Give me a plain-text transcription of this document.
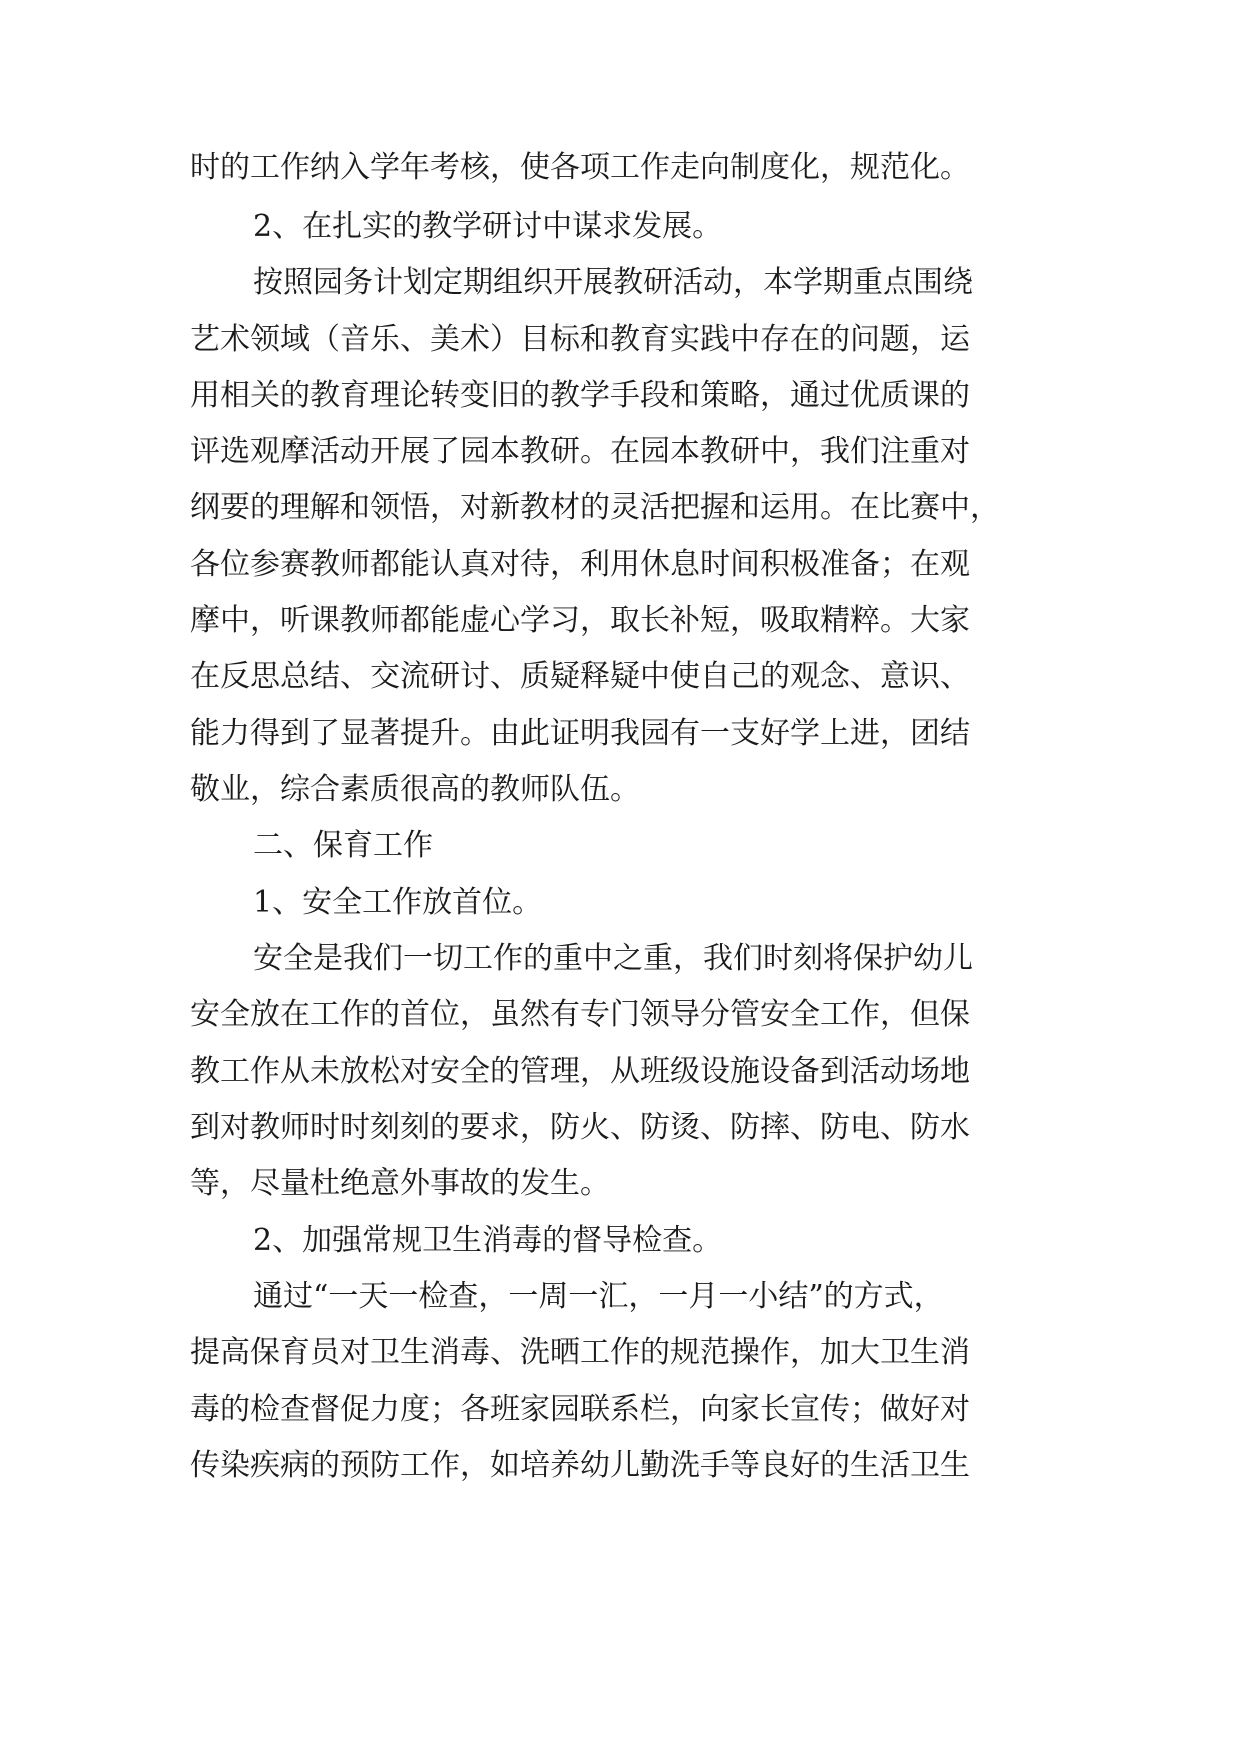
时的工作纳入学年考核，使各项工作走向制度化，规范化。

2、在扎实的教学研讨中谋求发展。

按照园务计划定期组织开展教研活动，本学期重点围绕

艺术领域（音乐、美术）目标和教育实践中存在的问题，运

用相关的教育理论转变旧的教学手段和策略，通过优质课的

评选观摩活动开展了园本教研。在园本教研中，我们注重对

纲要的理解和领悟，对新教材的灵活把握和运用。在比赛中，

各位参赛教师都能认真对待，利用休息时间积极准备；在观

摩中，听课教师都能虚心学习，取长补短，吸取精粹。大家

在反思总结、交流研讨、质疑释疑中使自己的观念、意识、

能力得到了显著提升。由此证明我园有一支好学上进，团结

敬业，综合素质很高的教师队伍。

二、保育工作

1、安全工作放首位。

安全是我们一切工作的重中之重，我们时刻将保护幼儿

安全放在工作的首位，虽然有专门领导分管安全工作，但保

教工作从未放松对安全的管理，从班级设施设备到活动场地

到对教师时时刻刻的要求，防火、防烫、防摔、防电、防水

等，尽量杜绝意外事故的发生。

2、加强常规卫生消毒的督导检查。

通过“一天一检查，一周一汇，一月一小结”的方式，

提高保育员对卫生消毒、洗晒工作的规范操作，加大卫生消

毒的检查督促力度；各班家园联系栏，向家长宣传；做好对

传染疾病的预防工作，如培养幼儿勤洗手等良好的生活卫生
